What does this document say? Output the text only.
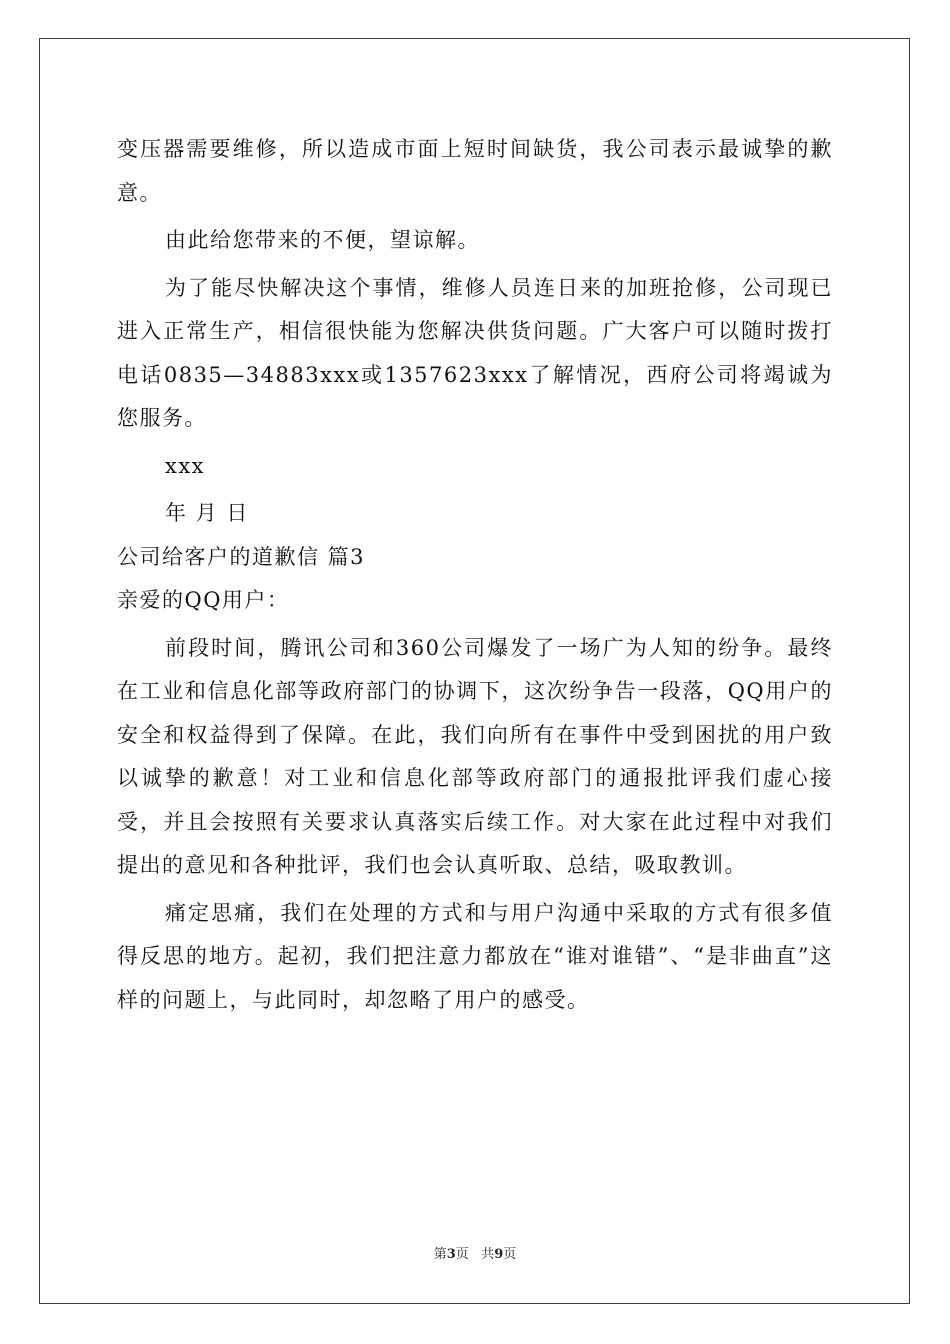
变压器需要维修，所以造成市面上短时间缺货，我公司表示最诚挚的歉意。

由此给您带来的不便，望谅解。

为了能尽快解决这个事情，维修人员连日来的加班抢修，公司现已进入正常生产，相信很快能为您解决供货问题。广大客户可以随时拨打电话0835—34883xxx或1357623xxx了解情况，西府公司将竭诚为您服务。

xxx

年 月 日

公司给客户的道歉信 篇3

亲爱的QQ用户：

前段时间，腾讯公司和360公司爆发了一场广为人知的纷争。最终在工业和信息化部等政府部门的协调下，这次纷争告一段落，QQ用户的安全和权益得到了保障。在此，我们向所有在事件中受到困扰的用户致以诚挚的歉意！对工业和信息化部等政府部门的通报批评我们虚心接受，并且会按照有关要求认真落实后续工作。对大家在此过程中对我们提出的意见和各种批评，我们也会认真听取、总结，吸取教训。

痛定思痛，我们在处理的方式和与用户沟通中采取的方式有很多值得反思的地方。起初，我们把注意力都放在“谁对谁错”、“是非曲直”这样的问题上，与此同时，却忽略了用户的感受。

第3页 共9页
